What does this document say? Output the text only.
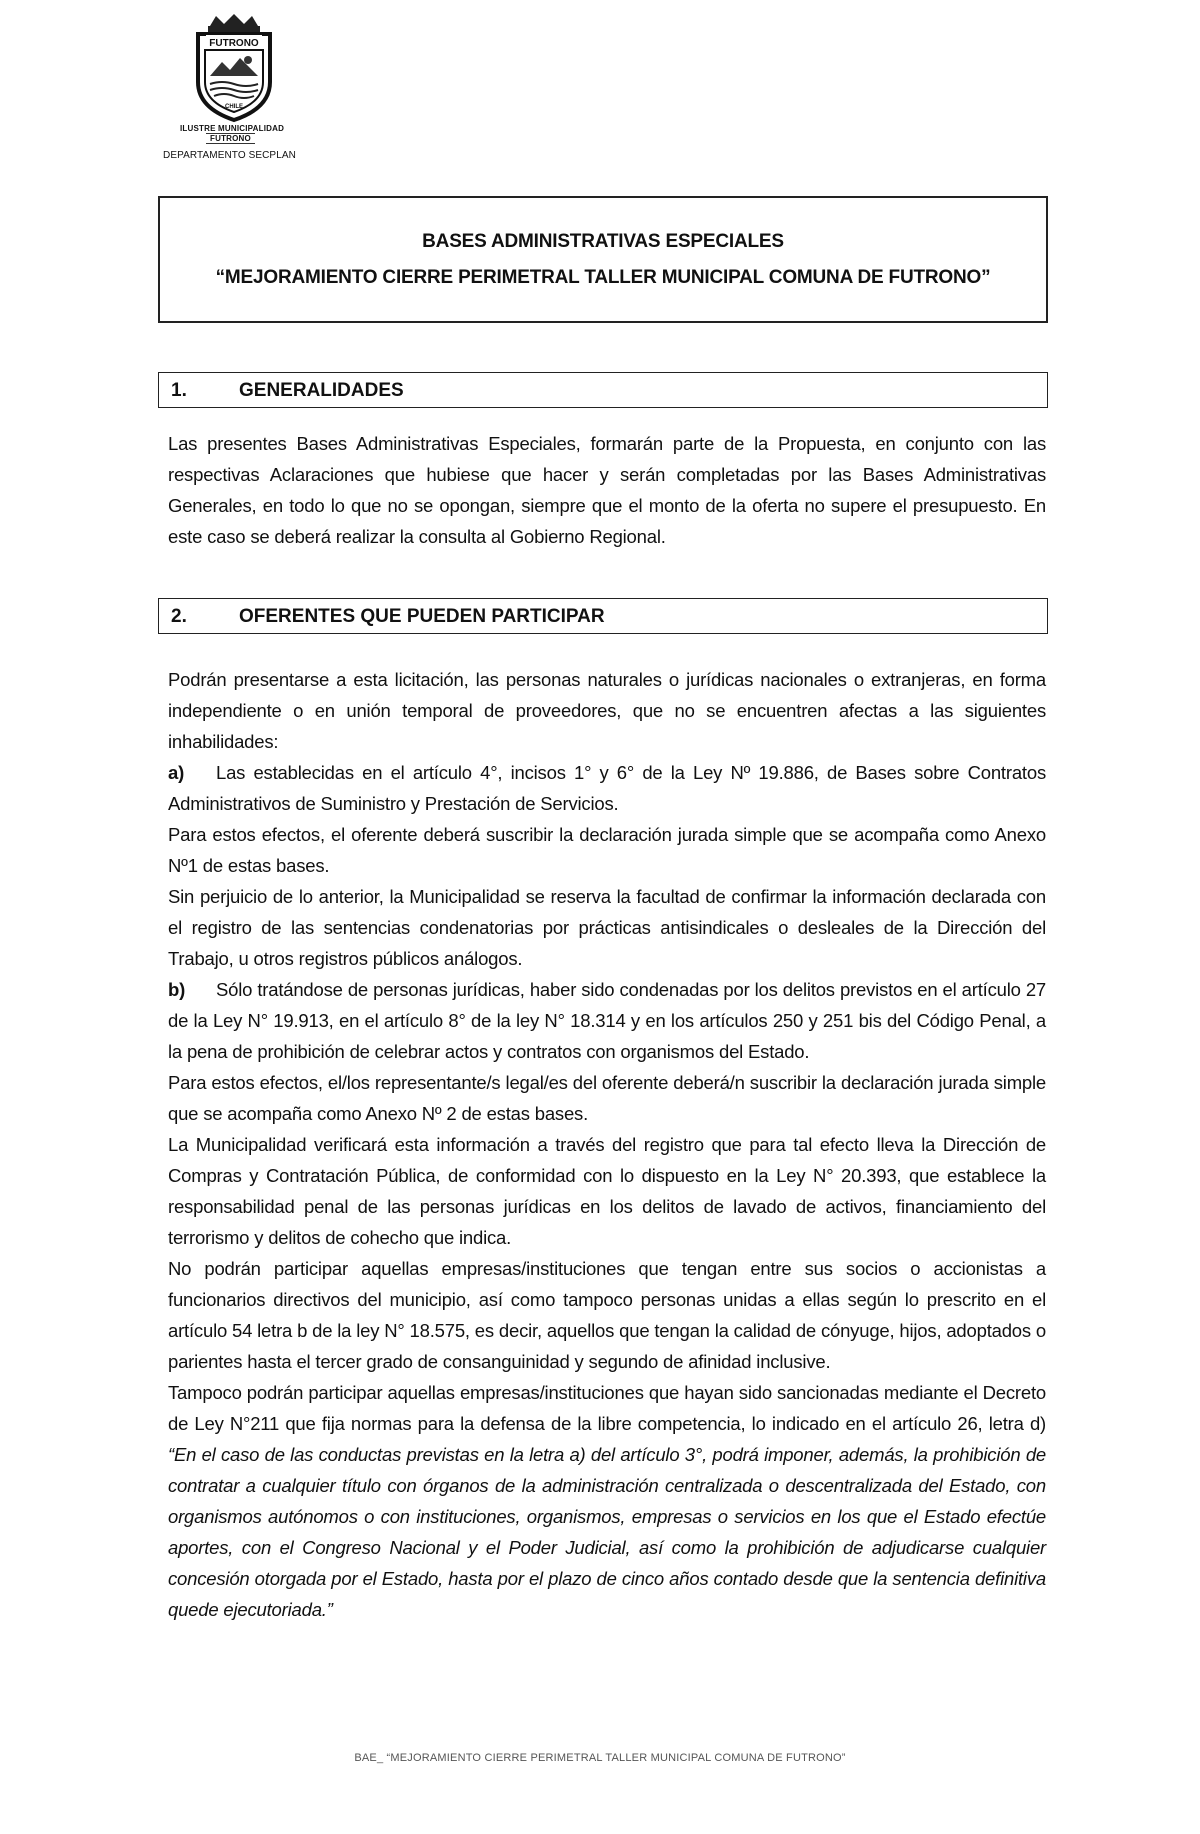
FUTRONO
CHILE
ILUSTRE MUNICIPALIDAD
FUTRONO
DEPARTAMENTO SECPLAN
BASES ADMINISTRATIVAS ESPECIALES
“MEJORAMIENTO CIERRE PERIMETRAL TALLER MUNICIPAL COMUNA DE FUTRONO”
1.	GENERALIDADES

Las presentes Bases Administrativas Especiales, formarán parte de la Propuesta, en conjunto con las respectivas Aclaraciones que hubiese que hacer y serán completadas por las Bases Administrativas Generales, en todo lo que no se opongan, siempre que el monto de la oferta no supere el presupuesto. En este caso se deberá realizar la consulta al Gobierno Regional.

2.	OFERENTES QUE PUEDEN PARTICIPAR

Podrán presentarse a esta licitación, las personas naturales o jurídicas nacionales o extranjeras, en forma independiente o en unión temporal de proveedores, que no se encuentren afectas a las siguientes inhabilidades:

a) Las establecidas en el artículo 4°, incisos 1° y 6° de la Ley Nº 19.886, de Bases sobre Contratos Administrativos de Suministro y Prestación de Servicios.

Para estos efectos, el oferente deberá suscribir la declaración jurada simple que se acompaña como Anexo Nº1 de estas bases.

Sin perjuicio de lo anterior, la Municipalidad se reserva la facultad de confirmar la información declarada con el registro de las sentencias condenatorias por prácticas antisindicales o desleales de la Dirección del Trabajo, u otros registros públicos análogos.

b) Sólo tratándose de personas jurídicas, haber sido condenadas por los delitos previstos en el artículo 27 de la Ley N° 19.913, en el artículo 8° de la ley N° 18.314 y en los artículos 250 y 251 bis del Código Penal, a la pena de prohibición de celebrar actos y contratos con organismos del Estado.

Para estos efectos, el/los representante/s legal/es del oferente deberá/n suscribir la declaración jurada simple que se acompaña como Anexo Nº 2 de estas bases.

La Municipalidad verificará esta información a través del registro que para tal efecto lleva la Dirección de Compras y Contratación Pública, de conformidad con lo dispuesto en la Ley N° 20.393, que establece la responsabilidad penal de las personas jurídicas en los delitos de lavado de activos, financiamiento del terrorismo y delitos de cohecho que indica.

No podrán participar aquellas empresas/instituciones que tengan entre sus socios o accionistas a funcionarios directivos del municipio, así como tampoco personas unidas a ellas según lo prescrito en el artículo 54 letra b de la ley N° 18.575, es decir, aquellos que tengan la calidad de cónyuge, hijos, adoptados o parientes hasta el tercer grado de consanguinidad y segundo de afinidad inclusive.

Tampoco podrán participar aquellas empresas/instituciones que hayan sido sancionadas mediante el Decreto de Ley N°211 que fija normas para la defensa de la libre competencia, lo indicado en el artículo 26, letra d) “En el caso de las conductas previstas en la letra a) del artículo 3°, podrá imponer, además, la prohibición de contratar a cualquier título con órganos de la administración centralizada o descentralizada del Estado, con organismos autónomos o con instituciones, organismos, empresas o servicios en los que el Estado efectúe aportes, con el Congreso Nacional y el Poder Judicial, así como la prohibición de adjudicarse cualquier concesión otorgada por el Estado, hasta por el plazo de cinco años contado desde que la sentencia definitiva quede ejecutoriada.”

BAE_ “MEJORAMIENTO CIERRE PERIMETRAL TALLER MUNICIPAL COMUNA DE FUTRONO”
